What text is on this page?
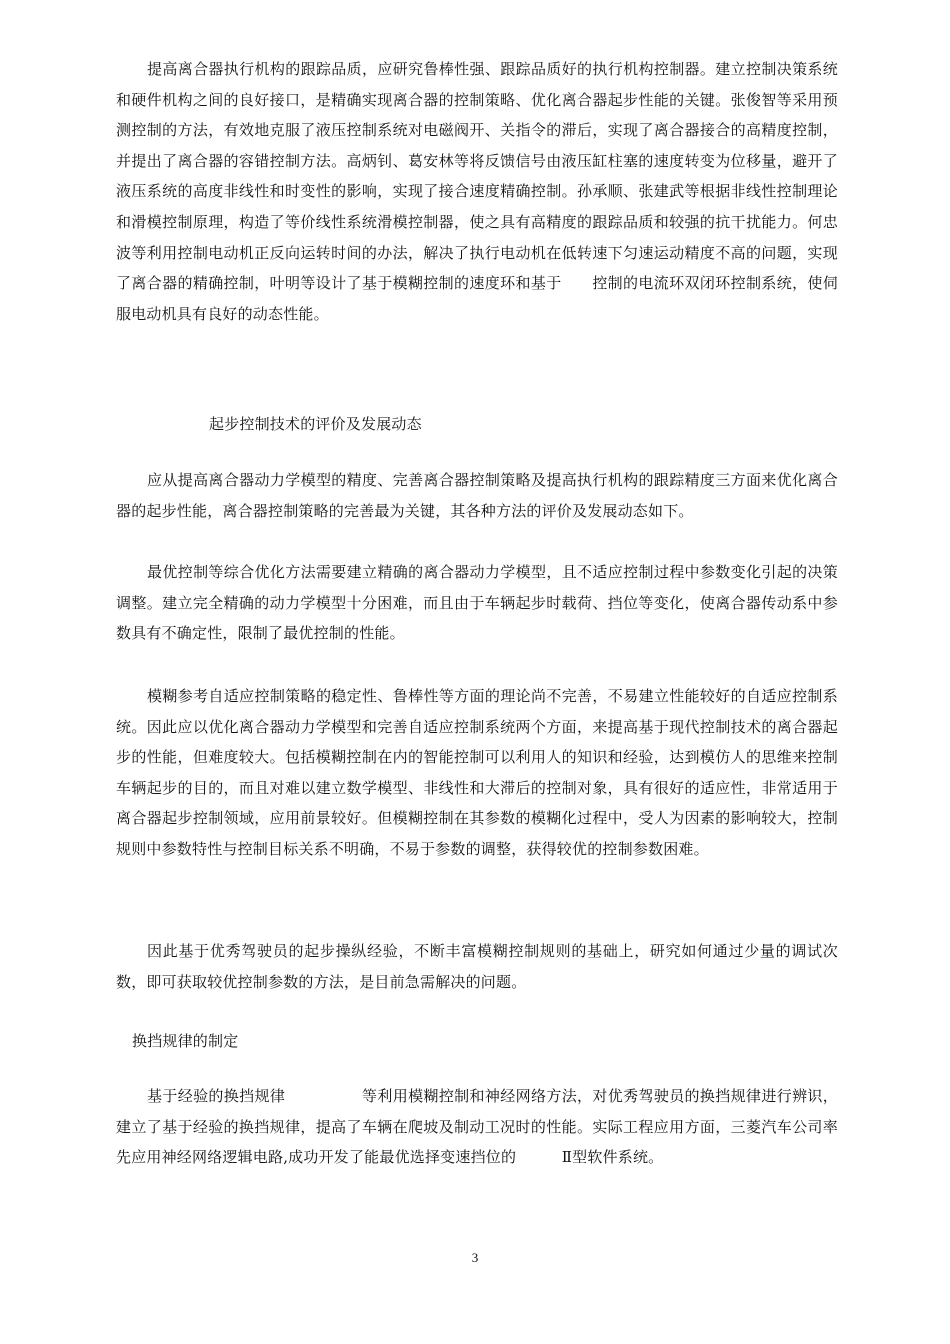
提高离合器执行机构的跟踪品质，应研究鲁棒性强、跟踪品质好的执行机构控制器。建立控制决策系统和硬件机构之间的良好接口，是精确实现离合器的控制策略、优化离合器起步性能的关键。张俊智等采用预测控制的方法，有效地克服了液压控制系统对电磁阀开、关指令的滞后，实现了离合器接合的高精度控制，并提出了离合器的容错控制方法。高炳钊、葛安林等将反馈信号由液压缸柱塞的速度转变为位移量，避开了液压系统的高度非线性和时变性的影响，实现了接合速度精确控制。孙承顺、张建武等根据非线性控制理论和滑模控制原理，构造了等价线性系统滑模控制器，使之具有高精度的跟踪品质和较强的抗干扰能力。何忠波等利用控制电动机正反向运转时间的办法，解决了执行电动机在低转速下匀速运动精度不高的问题，实现了离合器的精确控制，叶明等设计了基于模糊控制的速度环和基于　　控制的电流环双闭环控制系统，使伺服电动机具有良好的动态性能。

起步控制技术的评价及发展动态

应从提高离合器动力学模型的精度、完善离合器控制策略及提高执行机构的跟踪精度三方面来优化离合器的起步性能，离合器控制策略的完善最为关键，其各种方法的评价及发展动态如下。

最优控制等综合优化方法需要建立精确的离合器动力学模型，且不适应控制过程中参数变化引起的决策调整。建立完全精确的动力学模型十分困难，而且由于车辆起步时载荷、挡位等变化，使离合器传动系中参数具有不确定性，限制了最优控制的性能。

模糊参考自适应控制策略的稳定性、鲁棒性等方面的理论尚不完善，不易建立性能较好的自适应控制系统。因此应以优化离合器动力学模型和完善自适应控制系统两个方面，来提高基于现代控制技术的离合器起步的性能，但难度较大。包括模糊控制在内的智能控制可以利用人的知识和经验，达到模仿人的思维来控制车辆起步的目的，而且对难以建立数学模型、非线性和大滞后的控制对象，具有很好的适应性，非常适用于离合器起步控制领域，应用前景较好。但模糊控制在其参数的模糊化过程中，受人为因素的影响较大，控制规则中参数特性与控制目标关系不明确，不易于参数的调整，获得较优的控制参数困难。

因此基于优秀驾驶员的起步操纵经验，不断丰富模糊控制规则的基础上，研究如何通过少量的调试次数，即可获取较优控制参数的方法，是目前急需解决的问题。

换挡规律的制定

基于经验的换挡规律　　　　　等利用模糊控制和神经网络方法，对优秀驾驶员的换挡规律进行辨识，建立了基于经验的换挡规律，提高了车辆在爬坡及制动工况时的性能。实际工程应用方面，三菱汽车公司率先应用神经网络逻辑电路,成功开发了能最优选择变速挡位的　　　Ⅱ型软件系统。

3
